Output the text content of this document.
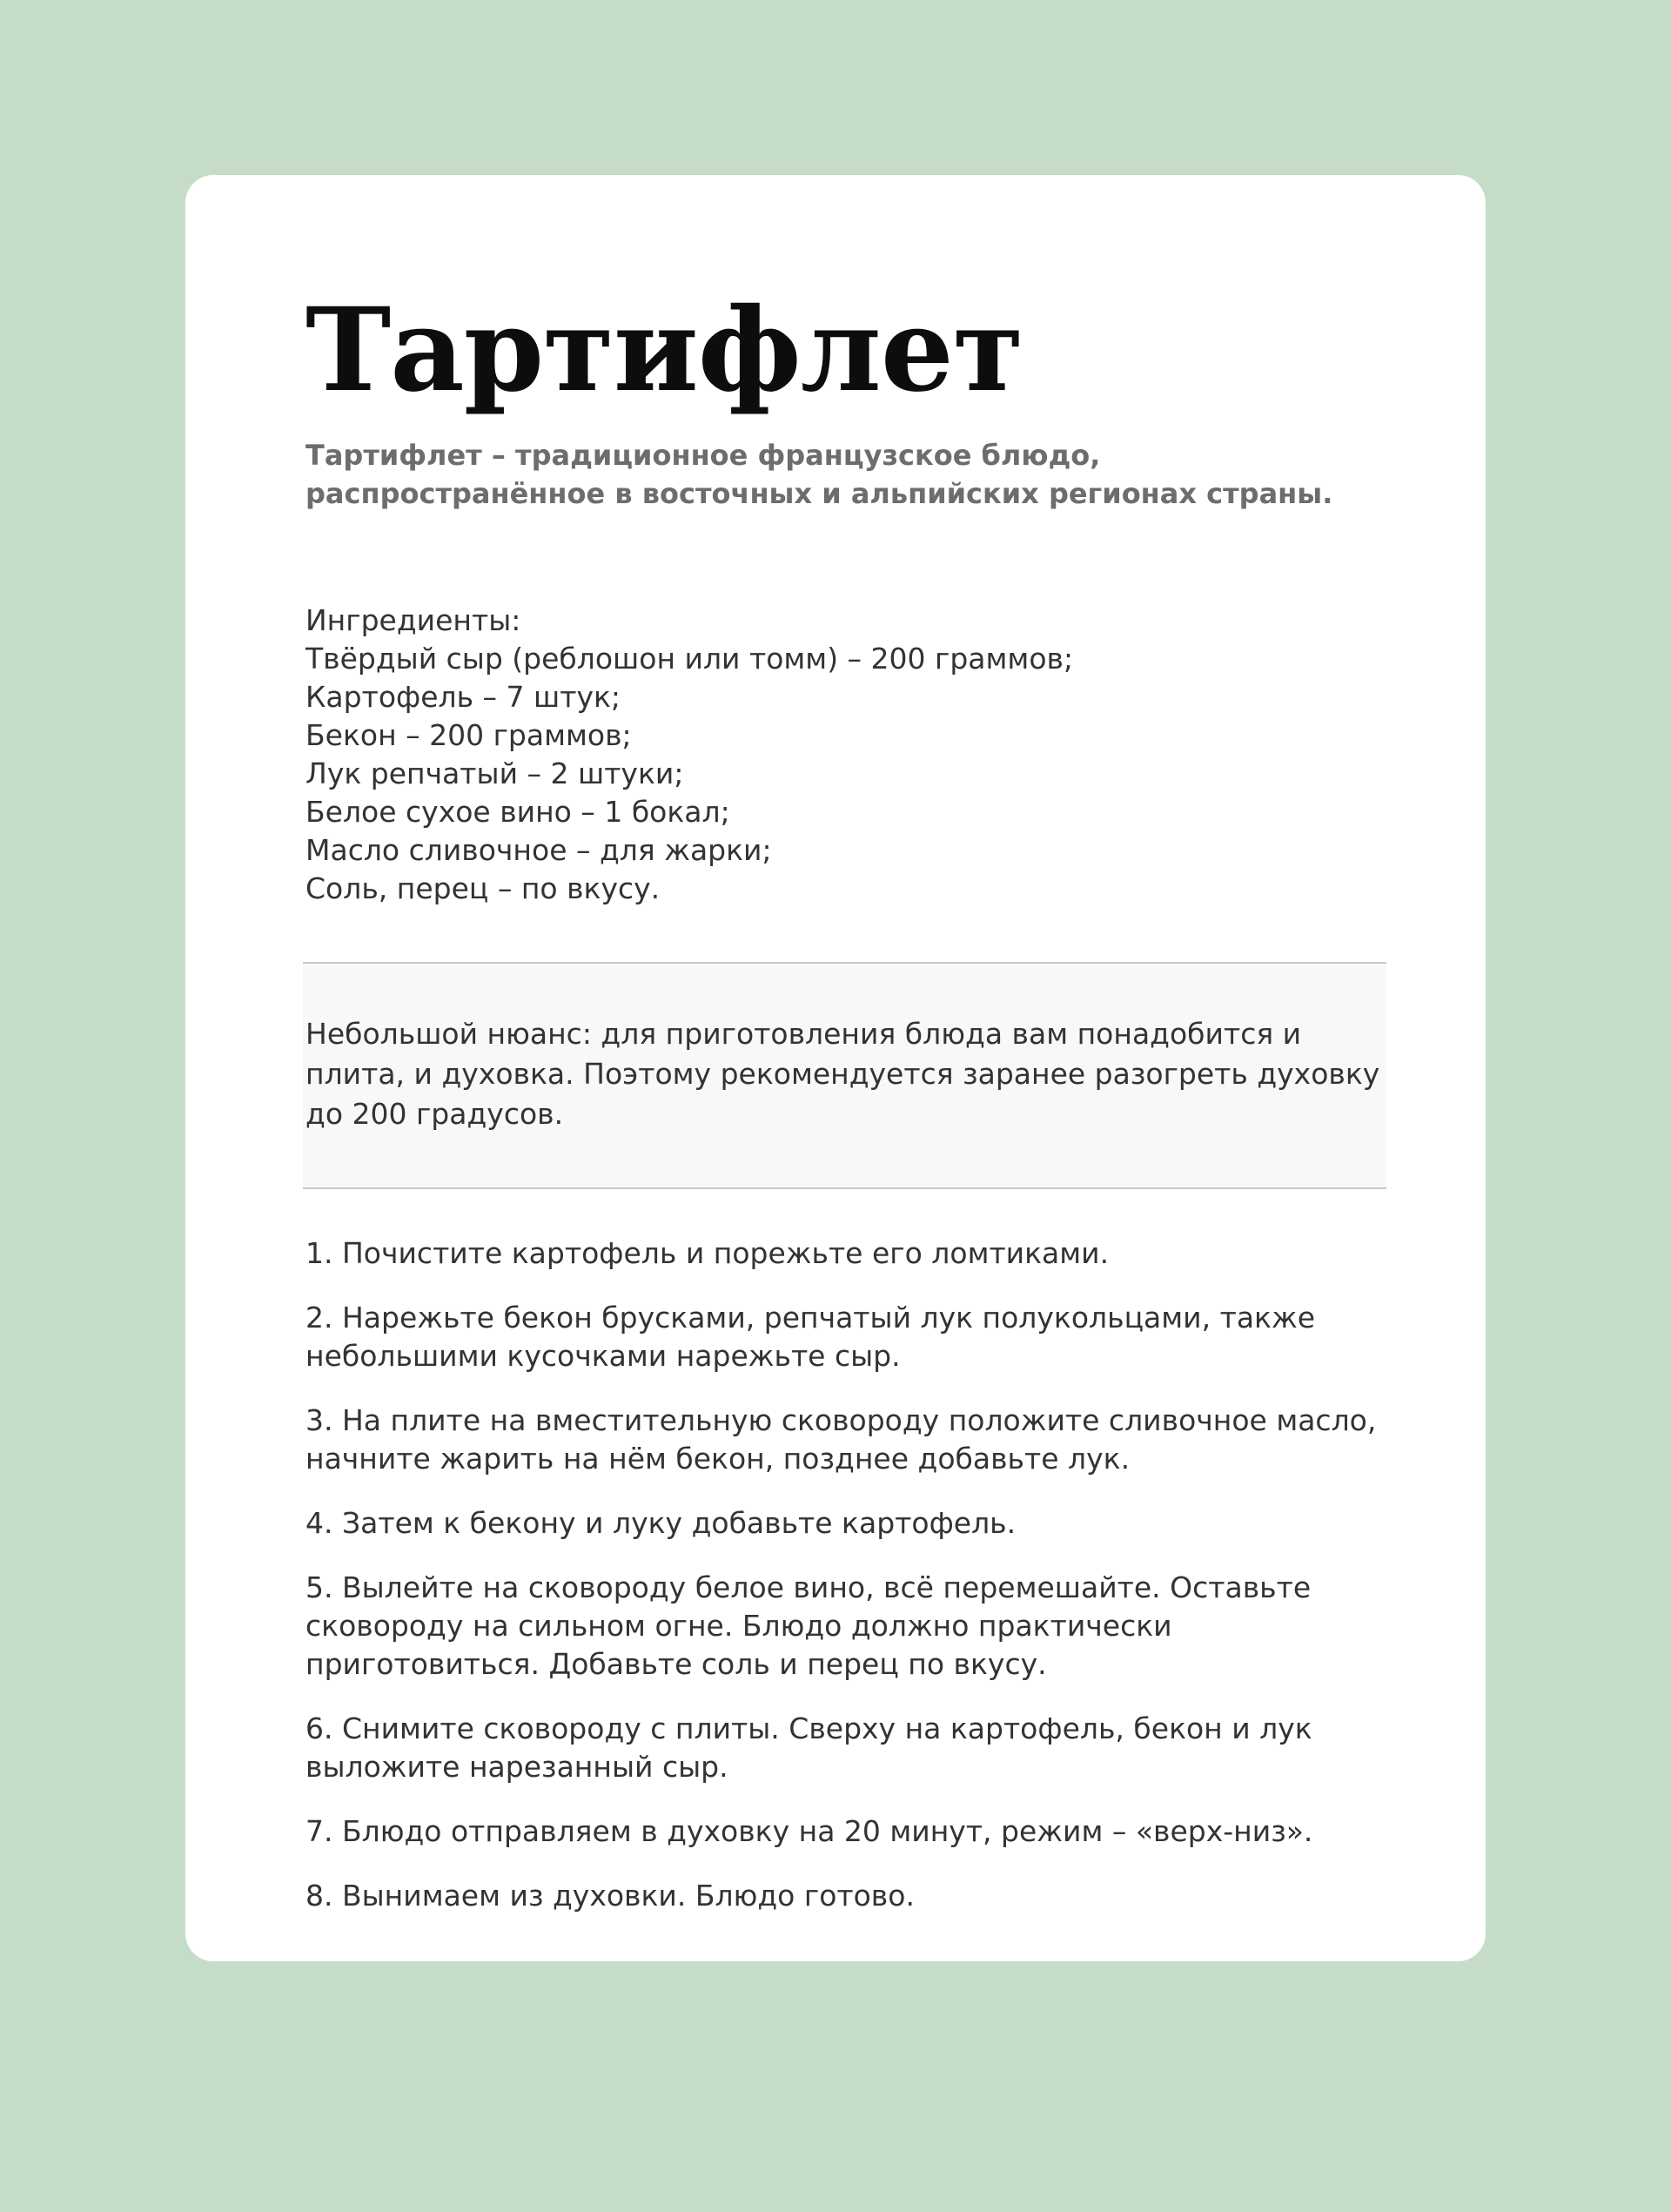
Тартифлет

Тартифлет – традиционное французское блюдо, распространённое в восточных и альпийских регионах страны.

Ингредиенты:
Твёрдый сыр (реблошон или томм) – 200 граммов;
Картофель – 7 штук;
Бекон – 200 граммов;
Лук репчатый – 2 штуки;
Белое сухое вино – 1 бокал;
Масло сливочное – для жарки;
Соль, перец – по вкусу.

Небольшой нюанс: для приготовления блюда вам понадобится и плита, и духовка. Поэтому рекомендуется заранее разогреть духовку до 200 градусов.

1. Почистите картофель и порежьте его ломтиками.
2. Нарежьте бекон брусками, репчатый лук полукольцами, также небольшими кусочками нарежьте сыр.
3. На плите на вместительную сковороду положите сливочное масло, начните жарить на нём бекон, позднее добавьте лук.
4. Затем к бекону и луку добавьте картофель.
5. Вылейте на сковороду белое вино, всё перемешайте. Оставьте сковороду на сильном огне. Блюдо должно практически приготовиться. Добавьте соль и перец по вкусу.
6. Снимите сковороду с плиты. Сверху на картофель, бекон и лук выложите нарезанный сыр.
7. Блюдо отправляем в духовку на 20 минут, режим – «верх-низ».
8. Вынимаем из духовки. Блюдо готово.
